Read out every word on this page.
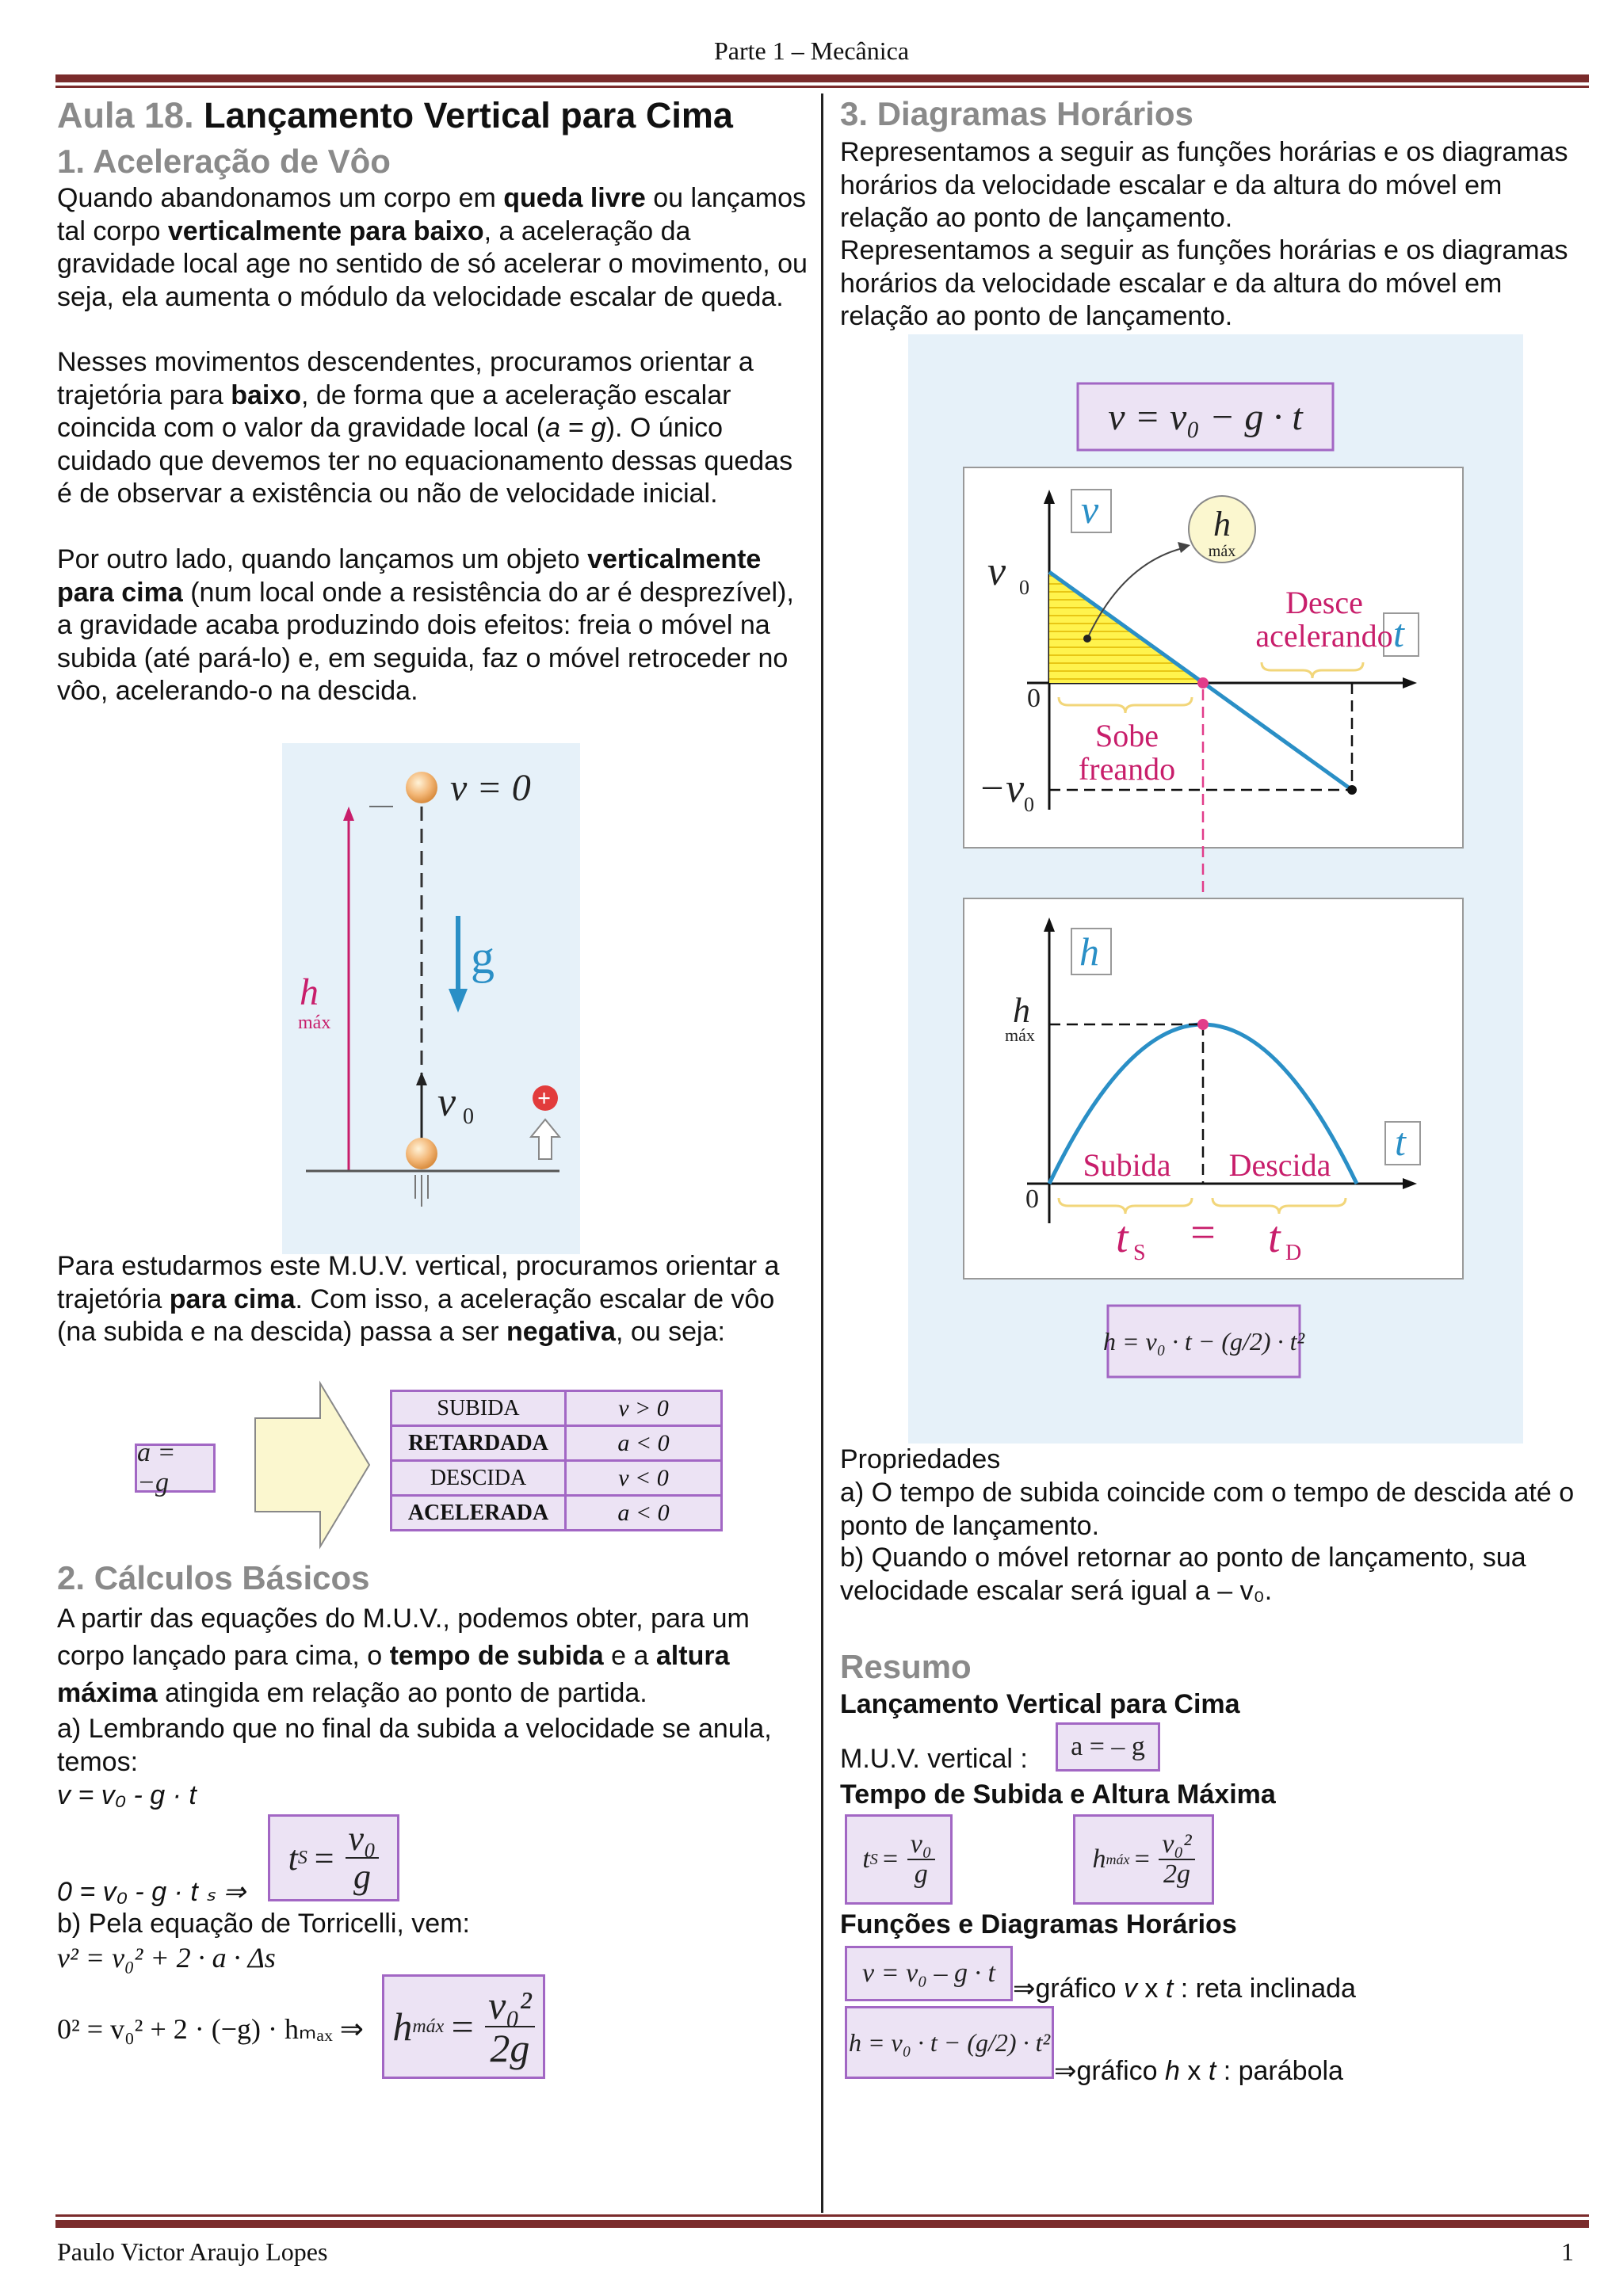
Parte 1 – Mecânica
Aula 18. Lançamento Vertical para Cima
1. Aceleração de Vôo
Quando abandonamos um corpo em queda livre ou lançamos tal corpo verticalmente para baixo, a aceleração da gravidade local age no sentido de só acelerar o movimento, ou seja, ela aumenta o módulo da velocidade escalar de queda.
Nesses movimentos descendentes, procuramos orientar a trajetória para baixo, de forma que a aceleração escalar coincida com o valor da gravidade local (a = g). O único cuidado que devemos ter no equacionamento dessas quedas é de observar a existência ou não de velocidade inicial.
Por outro lado, quando lançamos um objeto verticalmente para cima (num local onde a resistência do ar é desprezível), a gravidade acaba produzindo dois efeitos: freia o móvel na subida (até pará-lo) e, em seguida, faz o móvel retroceder no vôo, acelerando-o na descida.
h
máx
v = 0
g
v 0
+
Para estudarmos este M.U.V. vertical, procuramos orientar a trajetória para cima. Com isso, a aceleração escalar de vôo (na subida e na descida) passa a ser negativa, ou seja:
a = −g
SUBIDA	v > 0
RETARDADA	a < 0
DESCIDA	v < 0
ACELERADA	a < 0
2. Cálculos Básicos
A partir das equações do M.U.V., podemos obter, para um corpo lançado para cima, o tempo de subida e a altura máxima atingida em relação ao ponto de partida.
a) Lembrando que no final da subida a velocidade se anula, temos:
v = v₀ - g · t
t $S = \frac{\text{v₀}}{g}$
0 = v₀ - g · t ₛ ⇒
b) Pela equação de Torricelli, vem:
v² = v₀² + 2 · a · Δs
0² = v₀² + 2 · (−g) · hₘₐₓ ⇒ h máx = $\frac{\text{v₀²}}{2g}$
3. Diagramas Horários
Representamos a seguir as funções horárias e os diagramas horários da velocidade escalar e da altura do móvel em relação ao ponto de lançamento.
Representamos a seguir as funções horárias e os diagramas horários da velocidade escalar e da altura do móvel em relação ao ponto de lançamento.
v = v₀ − g · t
v
t
v 0
−v 0
0
h
máx
Desce
acelerando
Sobe
freando
h
t
h
máx
0
Subida Descida
t S = t D
h = v₀ · t − (g/2) · t²
Propriedades
a) O tempo de subida coincide com o tempo de descida até o ponto de lançamento.
b) Quando o móvel retornar ao ponto de lançamento, sua velocidade escalar será igual a – v₀.
Resumo
Lançamento Vertical para Cima
M.U.V. vertical :	a = – g
Tempo de Subida e Altura Máxima
t $S = \frac{\text{v₀}}{g}$	h máx = $\frac{\text{v₀²}}{2g}$
Funções e Diagramas Horários
v = v₀ – g · t
⇒gráfico v x t : reta inclinada
h = v₀ · t − (g/2) · t²
⇒gráfico h x t : parábola
Paulo Victor Araujo Lopes	1
